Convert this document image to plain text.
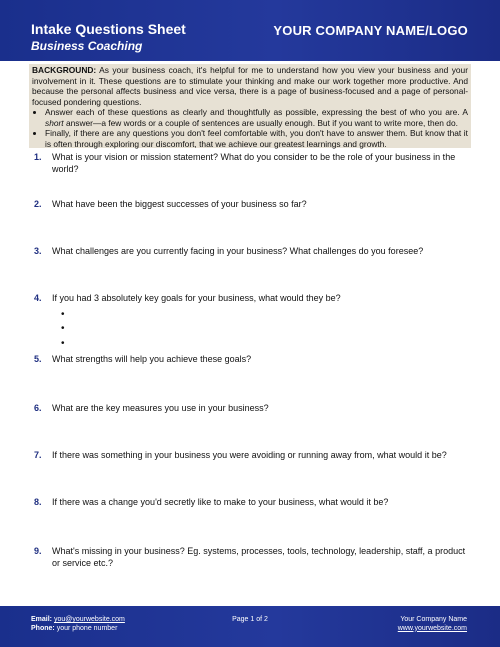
Intake Questions Sheet
Business Coaching
YOUR COMPANY NAME/LOGO

BACKGROUND: As your business coach, it's helpful for me to understand how you view your business and your involvement in it. These questions are to stimulate your thinking and make our work together more productive. And because the personal affects business and vice versa, there is a page of business-focused and a page of personal-focused pondering questions.

• Answer each of these questions as clearly and thoughtfully as possible, expressing the best of who you are. A short answer—a few words or a couple of sentences are usually enough. But if you want to write more, then do.
• Finally, if there are any questions you don't feel comfortable with, you don't have to answer them. But know that it is often through exploring our discomfort, that we achieve our greatest learnings and growth.
1. What is your vision or mission statement? What do you consider to be the role of your business in the world?
2. What have been the biggest successes of your business so far?
3. What challenges are you currently facing in your business? What challenges do you foresee?
4. If you had 3 absolutely key goals for your business, what would they be?
•
•
•
5. What strengths will help you achieve these goals?
6. What are the key measures you use in your business?
7. If there was something in your business you were avoiding or running away from, what would it be?
8. If there was a change you'd secretly like to make to your business, what would it be?
9. What's missing in your business? Eg. systems, processes, tools, technology, leadership, staff, a product or service etc.?
Email: you@yourwebsite.com
Phone: your phone number
Page 1 of 2	Your Company Name
www.yourwebsite.com
